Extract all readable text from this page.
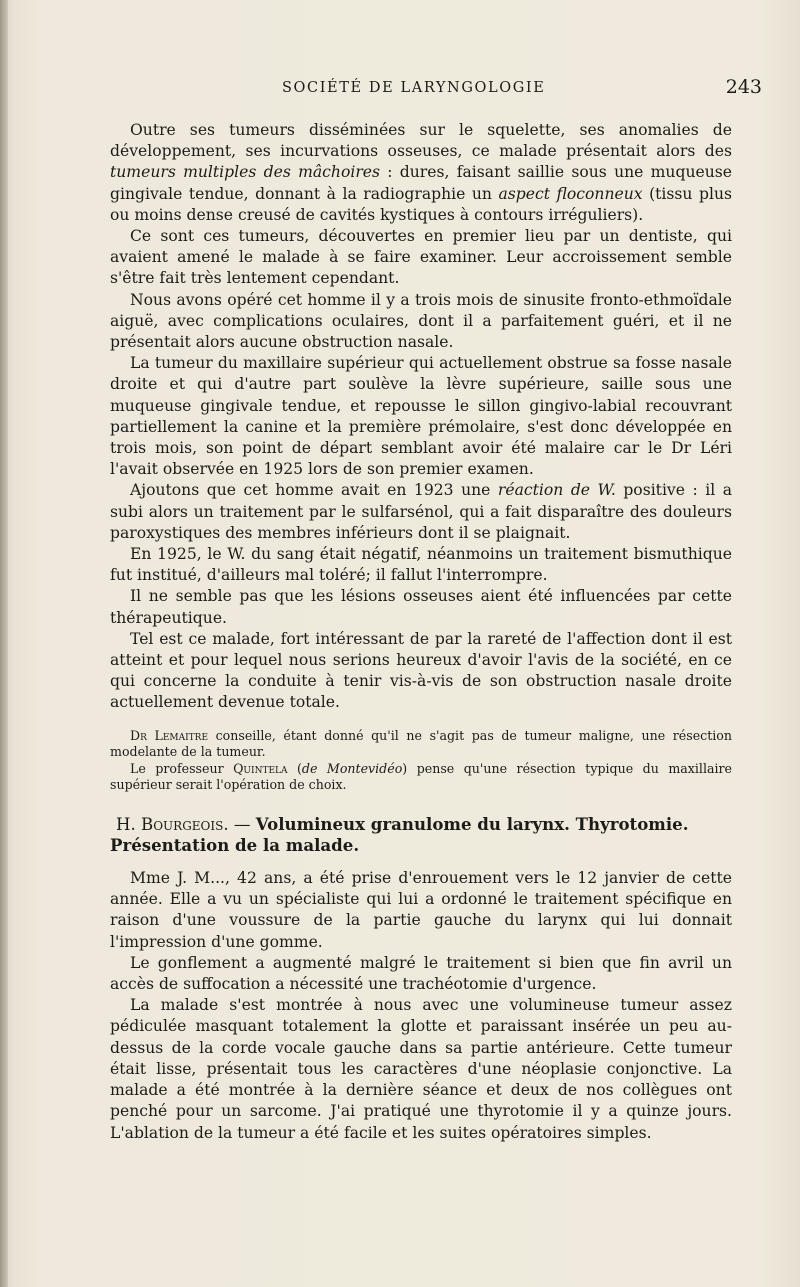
SOCIÉTÉ DE LARYNGOLOGIE	243

Outre ses tumeurs disséminées sur le squelette, ses anomalies de développement, ses incurvations osseuses, ce malade présentait alors des tumeurs multiples des mâchoires : dures, faisant saillie sous une muqueuse gingivale tendue, donnant à la radiographie un aspect floconneux (tissu plus ou moins dense creusé de cavités kystiques à contours irréguliers).

Ce sont ces tumeurs, découvertes en premier lieu par un dentiste, qui avaient amené le malade à se faire examiner. Leur accroissement semble s'être fait très lentement cependant.

Nous avons opéré cet homme il y a trois mois de sinusite fronto-ethmoïdale aiguë, avec complications oculaires, dont il a parfaitement guéri, et il ne présentait alors aucune obstruction nasale.

La tumeur du maxillaire supérieur qui actuellement obstrue sa fosse nasale droite et qui d'autre part soulève la lèvre supérieure, saille sous une muqueuse gingivale tendue, et repousse le sillon gingivo-labial recouvrant partiellement la canine et la première prémolaire, s'est donc développée en trois mois, son point de départ semblant avoir été malaire car le Dr Léri l'avait observée en 1925 lors de son premier examen.

Ajoutons que cet homme avait en 1923 une réaction de W. positive : il a subi alors un traitement par le sulfarsénol, qui a fait disparaître des douleurs paroxystiques des membres inférieurs dont il se plaignait.

En 1925, le W. du sang était négatif, néanmoins un traitement bismuthique fut institué, d'ailleurs mal toléré; il fallut l'interrompre.

Il ne semble pas que les lésions osseuses aient été influencées par cette thérapeutique.

Tel est ce malade, fort intéressant de par la rareté de l'affection dont il est atteint et pour lequel nous serions heureux d'avoir l'avis de la société, en ce qui concerne la conduite à tenir vis-à-vis de son obstruction nasale droite actuellement devenue totale.

Dr Lemaitre conseille, étant donné qu'il ne s'agit pas de tumeur maligne, une résection modelante de la tumeur.

Le professeur Quintela (de Montevidéo) pense qu'une résection typique du maxillaire supérieur serait l'opération de choix.

H. Bourgeois. — Volumineux granulome du larynx. Thyrotomie. Présentation de la malade.

Mme J. M..., 42 ans, a été prise d'enrouement vers le 12 janvier de cette année. Elle a vu un spécialiste qui lui a ordonné le traitement spécifique en raison d'une voussure de la partie gauche du larynx qui lui donnait l'impression d'une gomme.

Le gonflement a augmenté malgré le traitement si bien que fin avril un accès de suffocation a nécessité une trachéotomie d'urgence.

La malade s'est montrée à nous avec une volumineuse tumeur assez pédiculée masquant totalement la glotte et paraissant insérée un peu au-dessus de la corde vocale gauche dans sa partie antérieure. Cette tumeur était lisse, présentait tous les caractères d'une néoplasie conjonctive. La malade a été montrée à la dernière séance et deux de nos collègues ont penché pour un sarcome. J'ai pratiqué une thyrotomie il y a quinze jours. L'ablation de la tumeur a été facile et les suites opératoires simples.
